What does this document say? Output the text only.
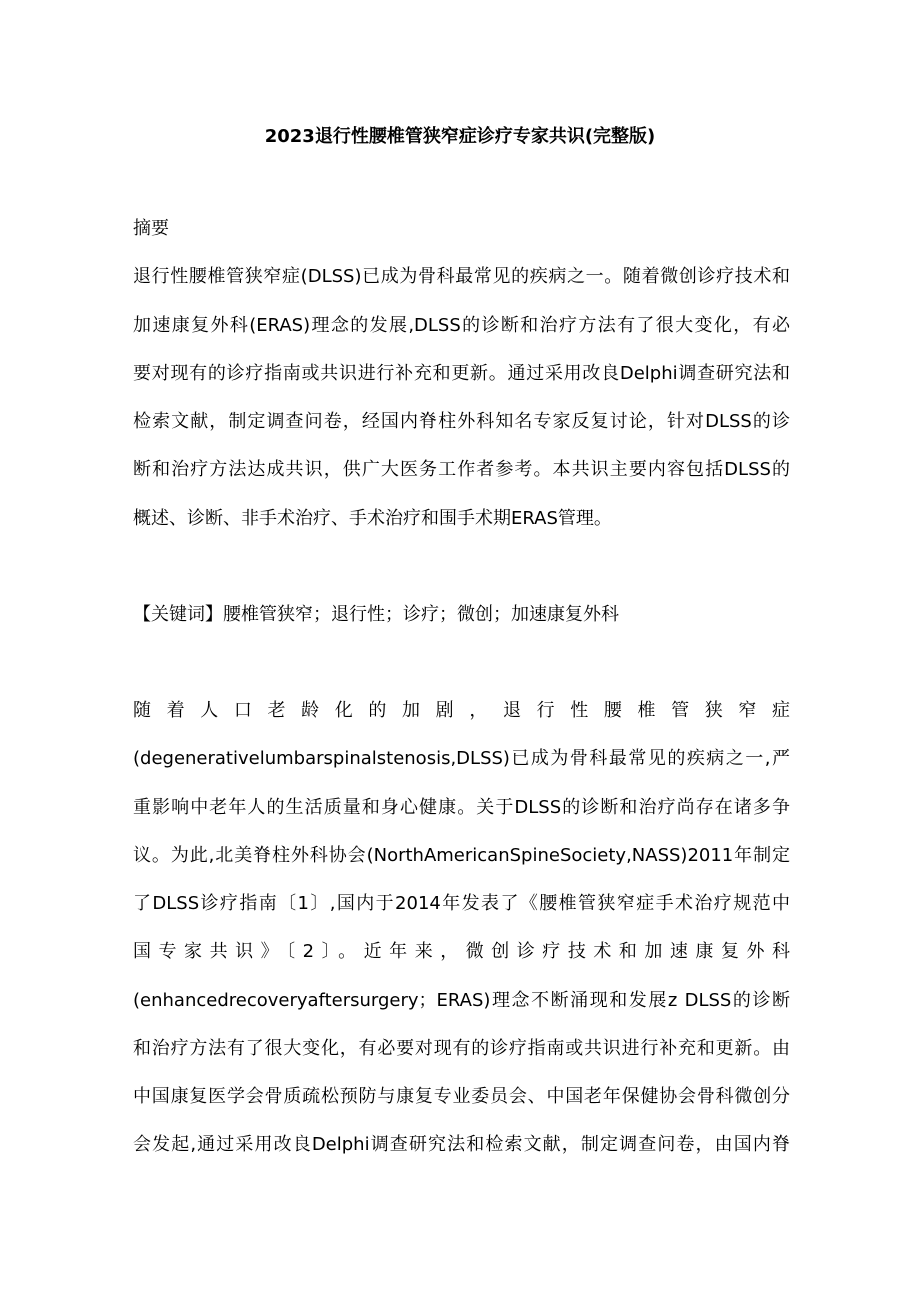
2023退行性腰椎管狭窄症诊疗专家共识(完整版)
摘要
退行性腰椎管狭窄症(DLSS)已成为骨科最常见的疾病之一。随着微创诊疗技术和
加速康复外科(ERAS)理念的发展,DLSS的诊断和治疗方法有了很大变化，有必
要对现有的诊疗指南或共识进行补充和更新。通过采用改良Delphi调查研究法和
检索文献，制定调查问卷，经国内脊柱外科知名专家反复讨论，针对DLSS的诊
断和治疗方法达成共识，供广大医务工作者参考。本共识主要内容包括DLSS的
概述、诊断、非手术治疗、手术治疗和围手术期ERAS管理。
【关键词】腰椎管狭窄；退行性；诊疗；微创；加速康复外科
随着人口老龄化的加剧，退行性腰椎管狭窄症
(degenerativelumbarspinalstenosis,DLSS)已成为骨科最常见的疾病之一,严
重影响中老年人的生活质量和身心健康。关于DLSS的诊断和治疗尚存在诸多争
议。为此,北美脊柱外科协会(NorthAmericanSpineSociety,NASS)2011年制定
了DLSS诊疗指南〔1〕,国内于2014年发表了《腰椎管狭窄症手术治疗规范中
国专家共识》〔2〕。近年来，微创诊疗技术和加速康复外科
(enhancedrecoveryaftersurgery；ERAS)理念不断涌现和发展z DLSS的诊断
和治疗方法有了很大变化，有必要对现有的诊疗指南或共识进行补充和更新。由
中国康复医学会骨质疏松预防与康复专业委员会、中国老年保健协会骨科微创分
会发起,通过采用改良Delphi调查研究法和检索文献，制定调查问卷，由国内脊
